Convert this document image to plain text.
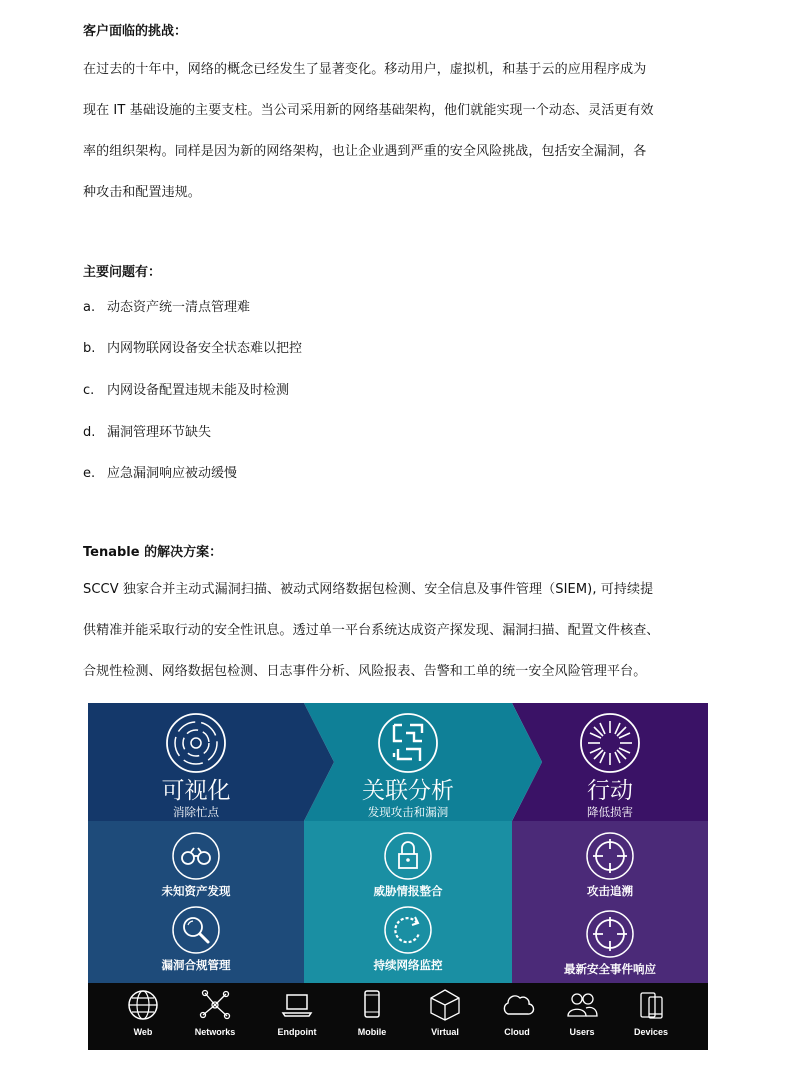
客户面临的挑战：
在过去的十年中，网络的概念已经发生了显著变化。移动用户，虚拟机，和基于云的应用程序成为
现在 IT 基础设施的主要支柱。当公司采用新的网络基础架构，他们就能实现一个动态、灵活更有效
率的组织架构。同样是因为新的网络架构，也让企业遇到严重的安全风险挑战，包括安全漏洞，各
种攻击和配置违规。
主要问题有：
a. 动态资产统一清点管理难
b. 内网物联网设备安全状态难以把控
c. 内网设备配置违规未能及时检测
d. 漏洞管理环节缺失
e. 应急漏洞响应被动缓慢
Tenable 的解决方案：
SCCV 独家合并主动式漏洞扫描、被动式网络数据包检测、安全信息及事件管理（SIEM), 可持续提
供精准并能采取行动的安全性讯息。透过单一平台系统达成资产探发现、漏洞扫描、配置文件核查、
合规性检测、网络数据包检测、日志事件分析、风险报表、告警和工单的统一安全风险管理平台。
可视化
消除忙点
未知资产发现
漏洞合规管理
关联分析
发现攻击和漏洞
威胁情报整合
持续网络监控
行动
降低损害
攻击追溯
最新安全事件响应
Web	Networks	Endpoint	Mobile	Virtual	Cloud	Users	Devices
